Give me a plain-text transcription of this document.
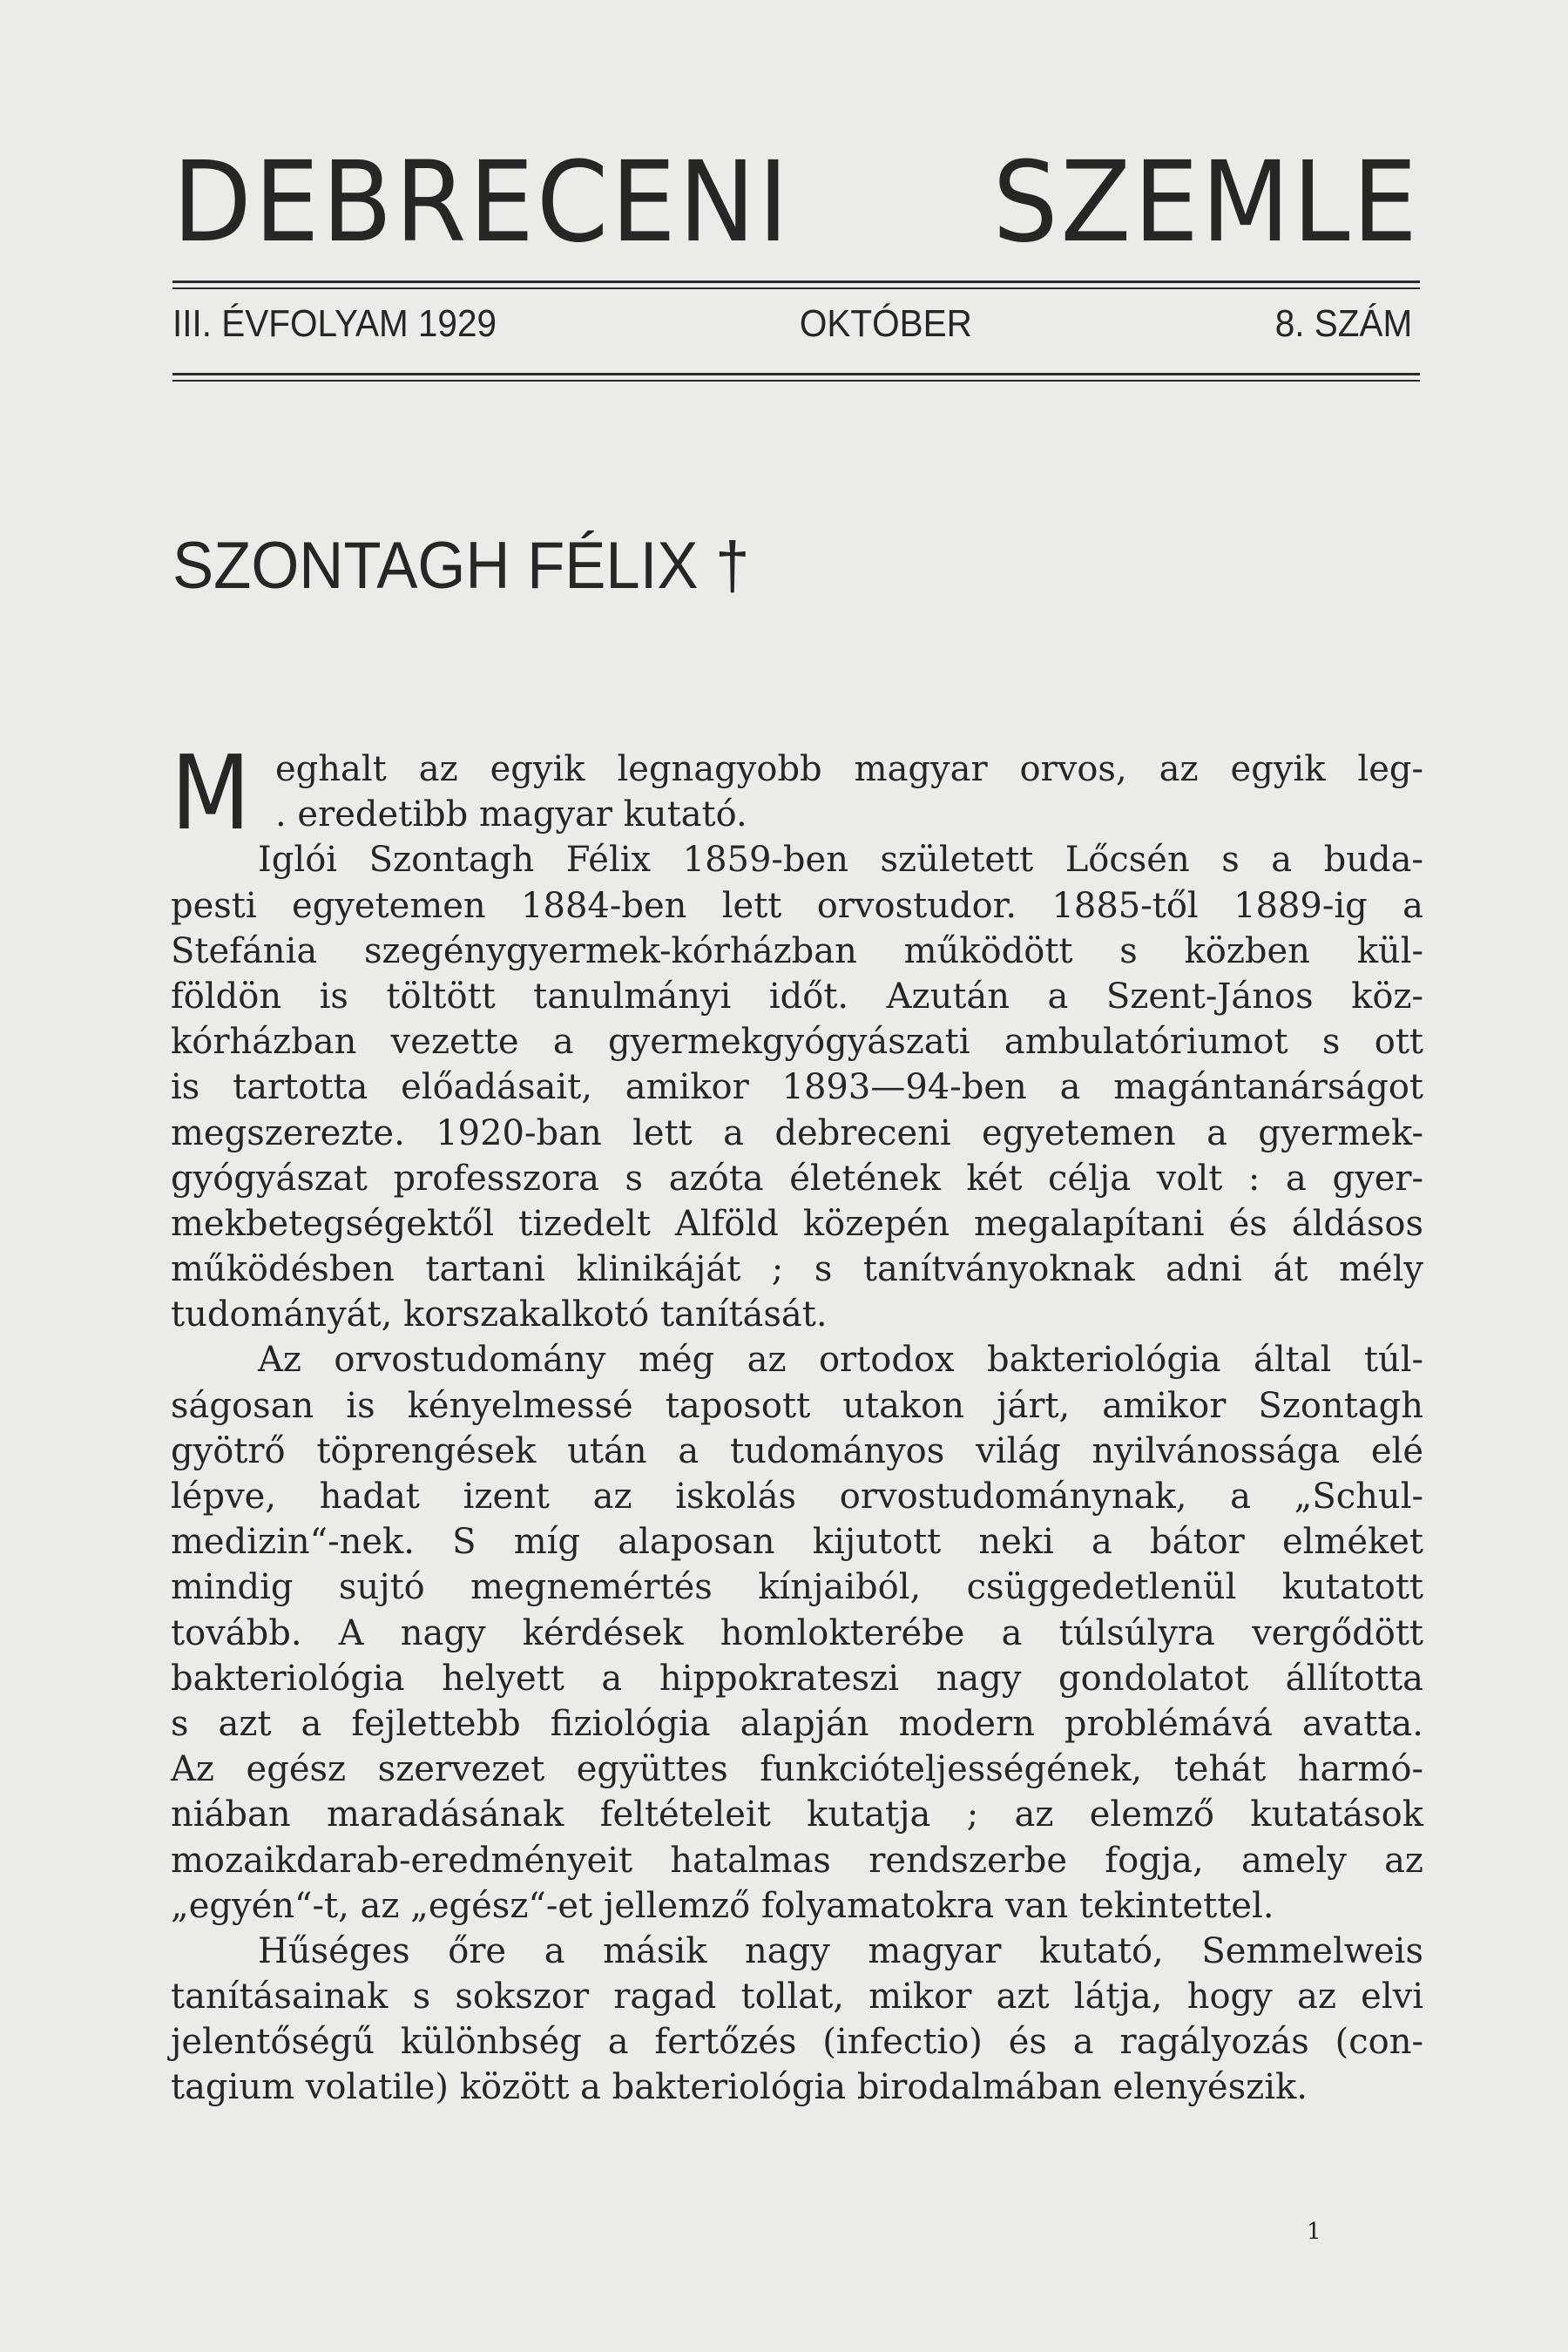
DEBRECENI SZEMLE
III. ÉVFOLYAM 1929	OKTÓBER	8. SZÁM
SZONTAGH FÉLIX †
M eghalt az egyik legnagyobb magyar orvos, az egyik leg-
. eredetibb magyar kutató.
Iglói Szontagh Félix 1859-ben született Lőcsén s a buda-
pesti egyetemen 1884-ben lett orvostudor. 1885-től 1889-ig a
Stefánia szegénygyermek-kórházban működött s közben kül-
földön is töltött tanulmányi időt. Azután a Szent-János köz-
kórházban vezette a gyermekgyógyászati ambulatóriumot s ott
is tartotta előadásait, amikor 1893—94-ben a magántanárságot
megszerezte. 1920-ban lett a debreceni egyetemen a gyermek-
gyógyászat professzora s azóta életének két célja volt : a gyer-
mekbetegségektől tizedelt Alföld közepén megalapítani és áldásos
működésben tartani klinikáját ; s tanítványoknak adni át mély
tudományát, korszakalkotó tanítását.
Az orvostudomány még az ortodox bakteriológia által túl-
ságosan is kényelmessé taposott utakon járt, amikor Szontagh
gyötrő töprengések után a tudományos világ nyilvánossága elé
lépve, hadat izent az iskolás orvostudománynak, a „Schul-
medizin“-nek. S míg alaposan kijutott neki a bátor elméket
mindig sujtó megnemértés kínjaiból, csüggedetlenül kutatott
tovább. A nagy kérdések homlokterébe a túlsúlyra vergődött
bakteriológia helyett a hippokrateszi nagy gondolatot állította
s azt a fejlettebb fiziológia alapján modern problémává avatta.
Az egész szervezet együttes funkcióteljességének, tehát harmó-
niában maradásának feltételeit kutatja ; az elemző kutatások
mozaikdarab-eredményeit hatalmas rendszerbe fogja, amely az
„egyén“-t, az „egész“-et jellemző folyamatokra van tekintettel.
Hűséges őre a másik nagy magyar kutató, Semmelweis
tanításainak s sokszor ragad tollat, mikor azt látja, hogy az elvi
jelentőségű különbség a fertőzés (infectio) és a ragályozás (con-
tagium volatile) között a bakteriológia birodalmában elenyészik.
1
